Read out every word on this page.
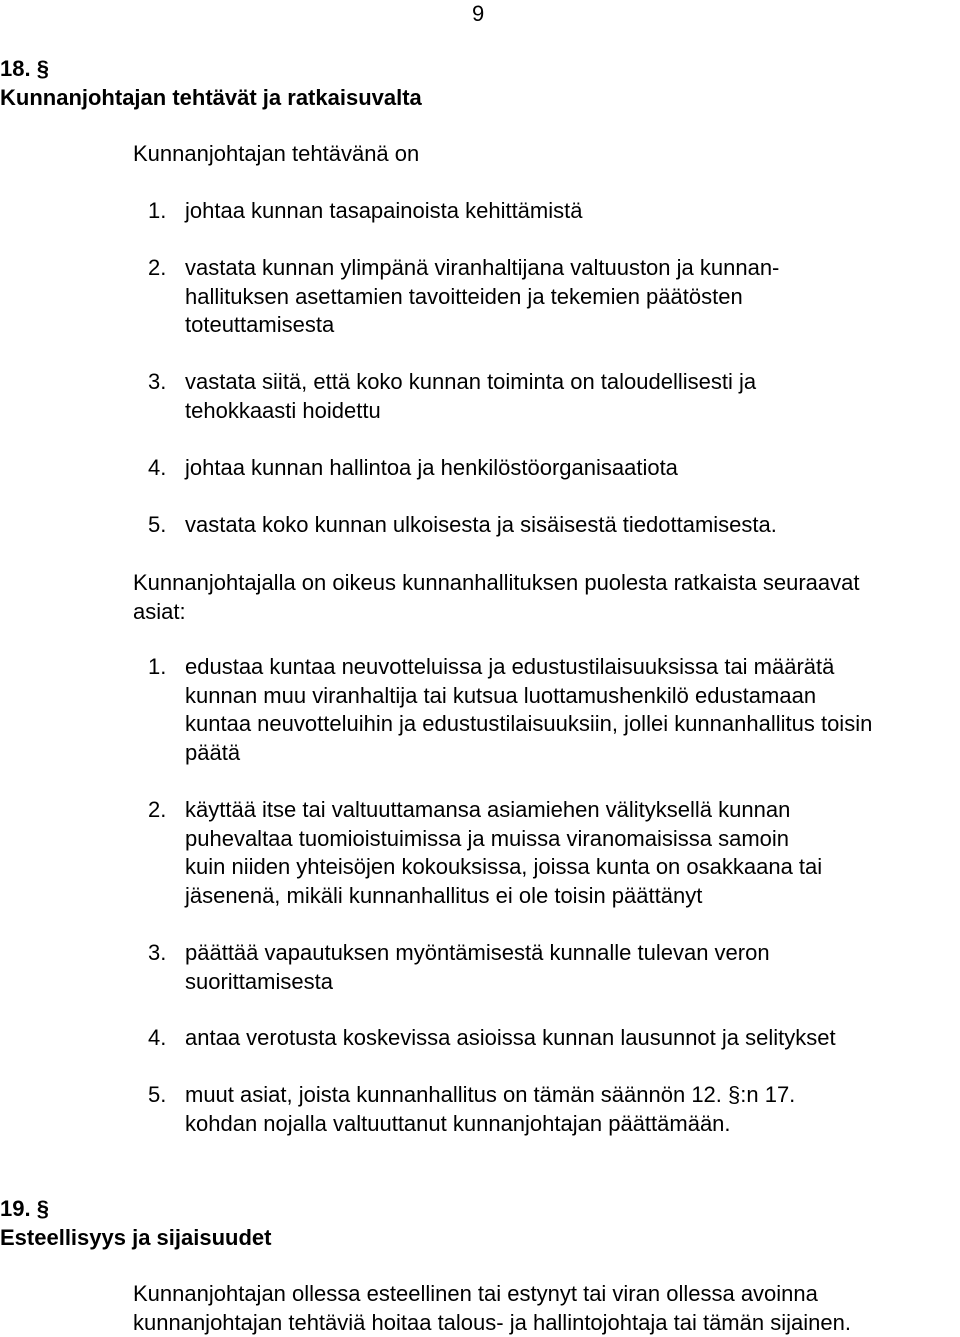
9
18. §
Kunnanjohtajan tehtävät ja ratkaisuvalta
Kunnanjohtajan tehtävänä on
1. johtaa kunnan tasapainoista kehittämistä
2. vastata kunnan ylimpänä viranhaltijana valtuuston ja kunnan-
hallituksen asettamien tavoitteiden ja tekemien päätösten
toteuttamisesta
3. vastata siitä, että koko kunnan toiminta on taloudellisesti ja
tehokkaasti hoidettu
4. johtaa kunnan hallintoa ja henkilöstöorganisaatiota
5. vastata koko kunnan ulkoisesta ja sisäisestä tiedottamisesta.
Kunnanjohtajalla on oikeus kunnanhallituksen puolesta ratkaista seuraavat
asiat:
1. edustaa kuntaa neuvotteluissa ja edustustilaisuuksissa tai määrätä
kunnan muu viranhaltija tai kutsua luottamushenkilö edustamaan
kuntaa neuvotteluihin ja edustustilaisuuksiin, jollei kunnanhallitus toisin
päätä
2. käyttää itse tai valtuuttamansa asiamiehen välityksellä kunnan
puhevaltaa tuomioistuimissa ja muissa viranomaisissa samoin
kuin niiden yhteisöjen kokouksissa, joissa kunta on osakkaana tai
jäsenenä, mikäli kunnanhallitus ei ole toisin päättänyt
3. päättää vapautuksen myöntämisestä kunnalle tulevan veron
suorittamisesta
4. antaa verotusta koskevissa asioissa kunnan lausunnot ja selitykset
5. muut asiat, joista kunnanhallitus on tämän säännön 12. §:n 17.
kohdan nojalla valtuuttanut kunnanjohtajan päättämään.
19. §
Esteellisyys ja sijaisuudet
Kunnanjohtajan ollessa esteellinen tai estynyt tai viran ollessa avoinna
kunnanjohtajan tehtäviä hoitaa talous- ja hallintojohtaja tai tämän sijainen.
